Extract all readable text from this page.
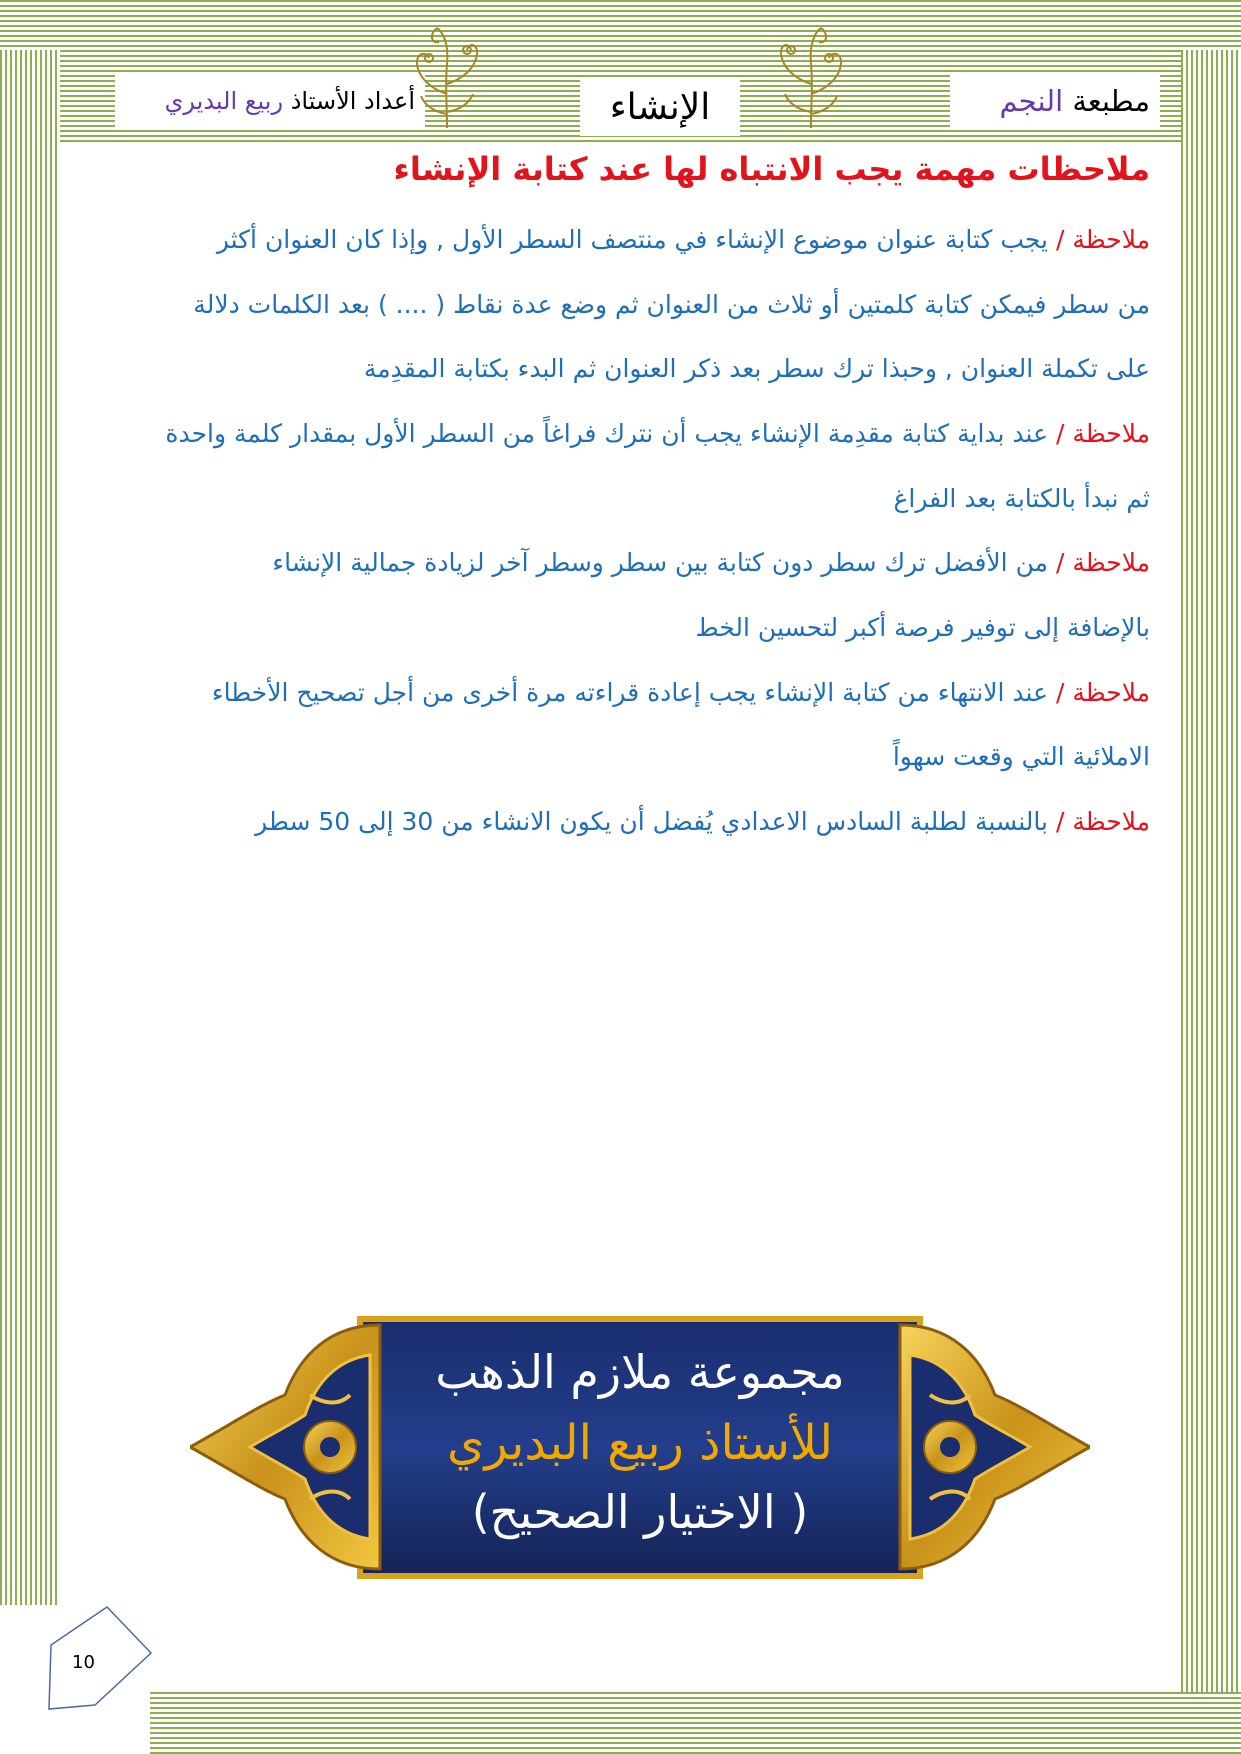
مطبعة

النجم
الإنشاء
أعداد الأستاذ

ربيع البديري
ملاحظات مهمة يجب الانتباه لها عند كتابة الإنشاء
ملاحظة / يجب كتابة عنوان موضوع الإنشاء في منتصف السطر الأول , وإذا كان العنوان أكثر
من سطر فيمكن كتابة كلمتين أو ثلاث من العنوان ثم وضع عدة نقاط ( .... ) بعد الكلمات دلالة
على تكملة العنوان , وحبذا ترك سطر بعد ذكر العنوان ثم البدء بكتابة المقدِمة
ملاحظة / عند بداية كتابة مقدِمة الإنشاء يجب أن نترك فراغاً من السطر الأول بمقدار كلمة واحدة
ثم نبدأ بالكتابة بعد الفراغ
ملاحظة / من الأفضل ترك سطر دون كتابة بين سطر وسطر آخر لزيادة جمالية الإنشاء
بالإضافة إلى توفير فرصة أكبر لتحسين الخط
ملاحظة / عند الانتهاء من كتابة الإنشاء يجب إعادة قراءته مرة أخرى من أجل تصحيح الأخطاء
الاملائية التي وقعت سهواً
ملاحظة / بالنسبة لطلبة السادس الاعدادي يُفضل أن يكون الانشاء من 30 إلى 50 سطر
مجموعة ملازم الذهب
للأستاذ ربيع البديري
(الاختيار الصحيح )
10
